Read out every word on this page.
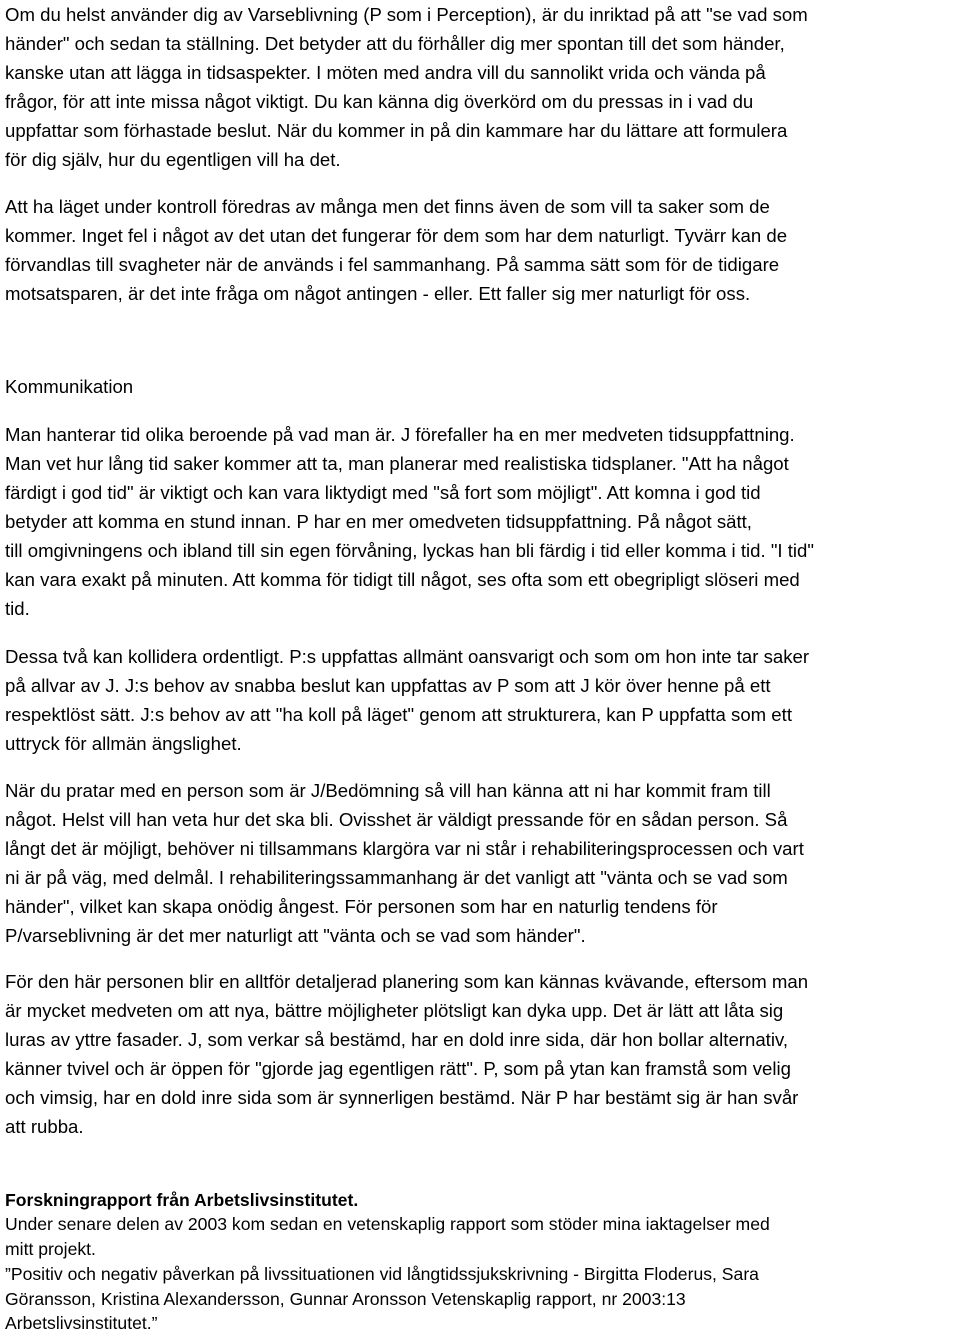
Om du helst använder dig av Varseblivning (P som i Perception), är du inriktad på att "se vad som
händer" och sedan ta ställning. Det betyder att du förhåller dig mer spontan till det som händer,
kanske utan att lägga in tidsaspekter. I möten med andra vill du sannolikt vrida och vända på
frågor, för att inte missa något viktigt. Du kan känna dig överkörd om du pressas in i vad du
uppfattar som förhastade beslut. När du kommer in på din kammare har du lättare att formulera
för dig själv, hur du egentligen vill ha det.

Att ha läget under kontroll föredras av många men det finns även de som vill ta saker som de
kommer. Inget fel i något av det utan det fungerar för dem som har dem naturligt. Tyvärr kan de
förvandlas till svagheter när de används i fel sammanhang. På samma sätt som för de tidigare
motsatsparen, är det inte fråga om något antingen - eller. Ett faller sig mer naturligt för oss.

Kommunikation

Man hanterar tid olika beroende på vad man är. J förefaller ha en mer medveten tidsuppfattning.
Man vet hur lång tid saker kommer att ta, man planerar med realistiska tidsplaner. "Att ha något
färdigt i god tid" är viktigt och kan vara liktydigt med "så fort som möjligt". Att komna i god tid
betyder att komma en stund innan. P har en mer omedveten tidsuppfattning. På något sätt,
till omgivningens och ibland till sin egen förvåning, lyckas han bli färdig i tid eller komma i tid. "I tid"
kan vara exakt på minuten. Att komma för tidigt till något, ses ofta som ett obegripligt slöseri med
tid.

Dessa två kan kollidera ordentligt. P:s uppfattas allmänt oansvarigt och som om hon inte tar saker
på allvar av J. J:s behov av snabba beslut kan uppfattas av P som att J kör över henne på ett
respektlöst sätt. J:s behov av att "ha koll på läget" genom att strukturera, kan P uppfatta som ett
uttryck för allmän ängslighet.

När du pratar med en person som är J/Bedömning så vill han känna att ni har kommit fram till
något. Helst vill han veta hur det ska bli. Ovisshet är väldigt pressande för en sådan person. Så
långt det är möjligt, behöver ni tillsammans klargöra var ni står i rehabiliteringsprocessen och vart
ni är på väg, med delmål. I rehabiliteringssammanhang är det vanligt att "vänta och se vad som
händer", vilket kan skapa onödig ångest. För personen som har en naturlig tendens för
P/varseblivning är det mer naturligt att "vänta och se vad som händer".

För den här personen blir en alltför detaljerad planering som kan kännas kvävande, eftersom man
är mycket medveten om att nya, bättre möjligheter plötsligt kan dyka upp. Det är lätt att låta sig
luras av yttre fasader. J, som verkar så bestämd, har en dold inre sida, där hon bollar alternativ,
känner tvivel och är öppen för "gjorde jag egentligen rätt". P, som på ytan kan framstå som velig
och vimsig, har en dold inre sida som är synnerligen bestämd. När P har bestämt sig är han svår
att rubba.

Forskningrapport från Arbetslivsinstitutet.

Under senare delen av 2003 kom sedan en vetenskaplig rapport som stöder mina iaktagelser med
mitt projekt.

”Positiv och negativ påverkan på livssituationen vid långtidssjukskrivning - Birgitta Floderus, Sara
Göransson, Kristina Alexandersson, Gunnar Aronsson Vetenskaplig rapport, nr 2003:13
Arbetslivsinstitutet.”
